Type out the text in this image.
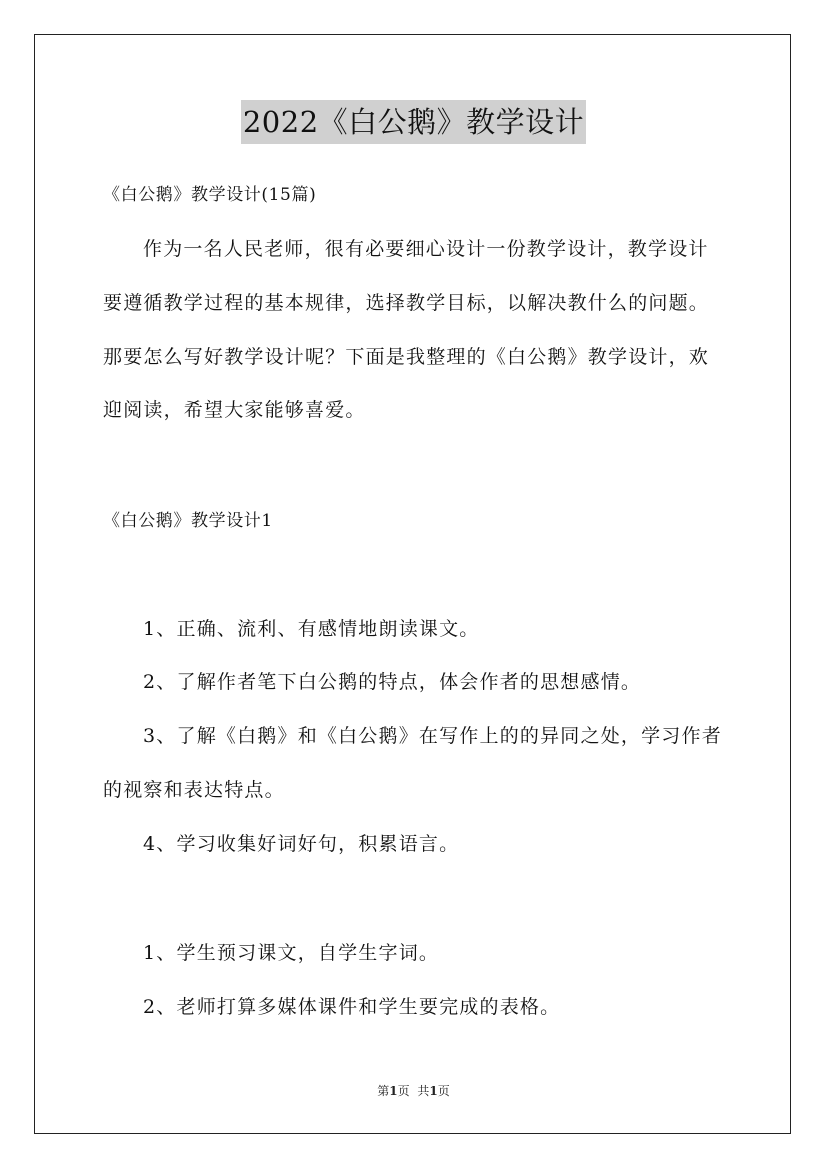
2022《白公鹅》教学设计
《白公鹅》教学设计(15篇)
作为一名人民老师，很有必要细心设计一份教学设计，教学设计
要遵循教学过程的基本规律，选择教学目标，以解决教什么的问题。
那要怎么写好教学设计呢？下面是我整理的《白公鹅》教学设计，欢
迎阅读，希望大家能够喜爱。
《白公鹅》教学设计1
1、正确、流利、有感情地朗读课文。
2、了解作者笔下白公鹅的特点，体会作者的思想感情。
3、了解《白鹅》和《白公鹅》在写作上的的异同之处，学习作者
的视察和表达特点。
4、学习收集好词好句，积累语言。
1、学生预习课文，自学生字词。
2、老师打算多媒体课件和学生要完成的表格。
第1页 共1页
